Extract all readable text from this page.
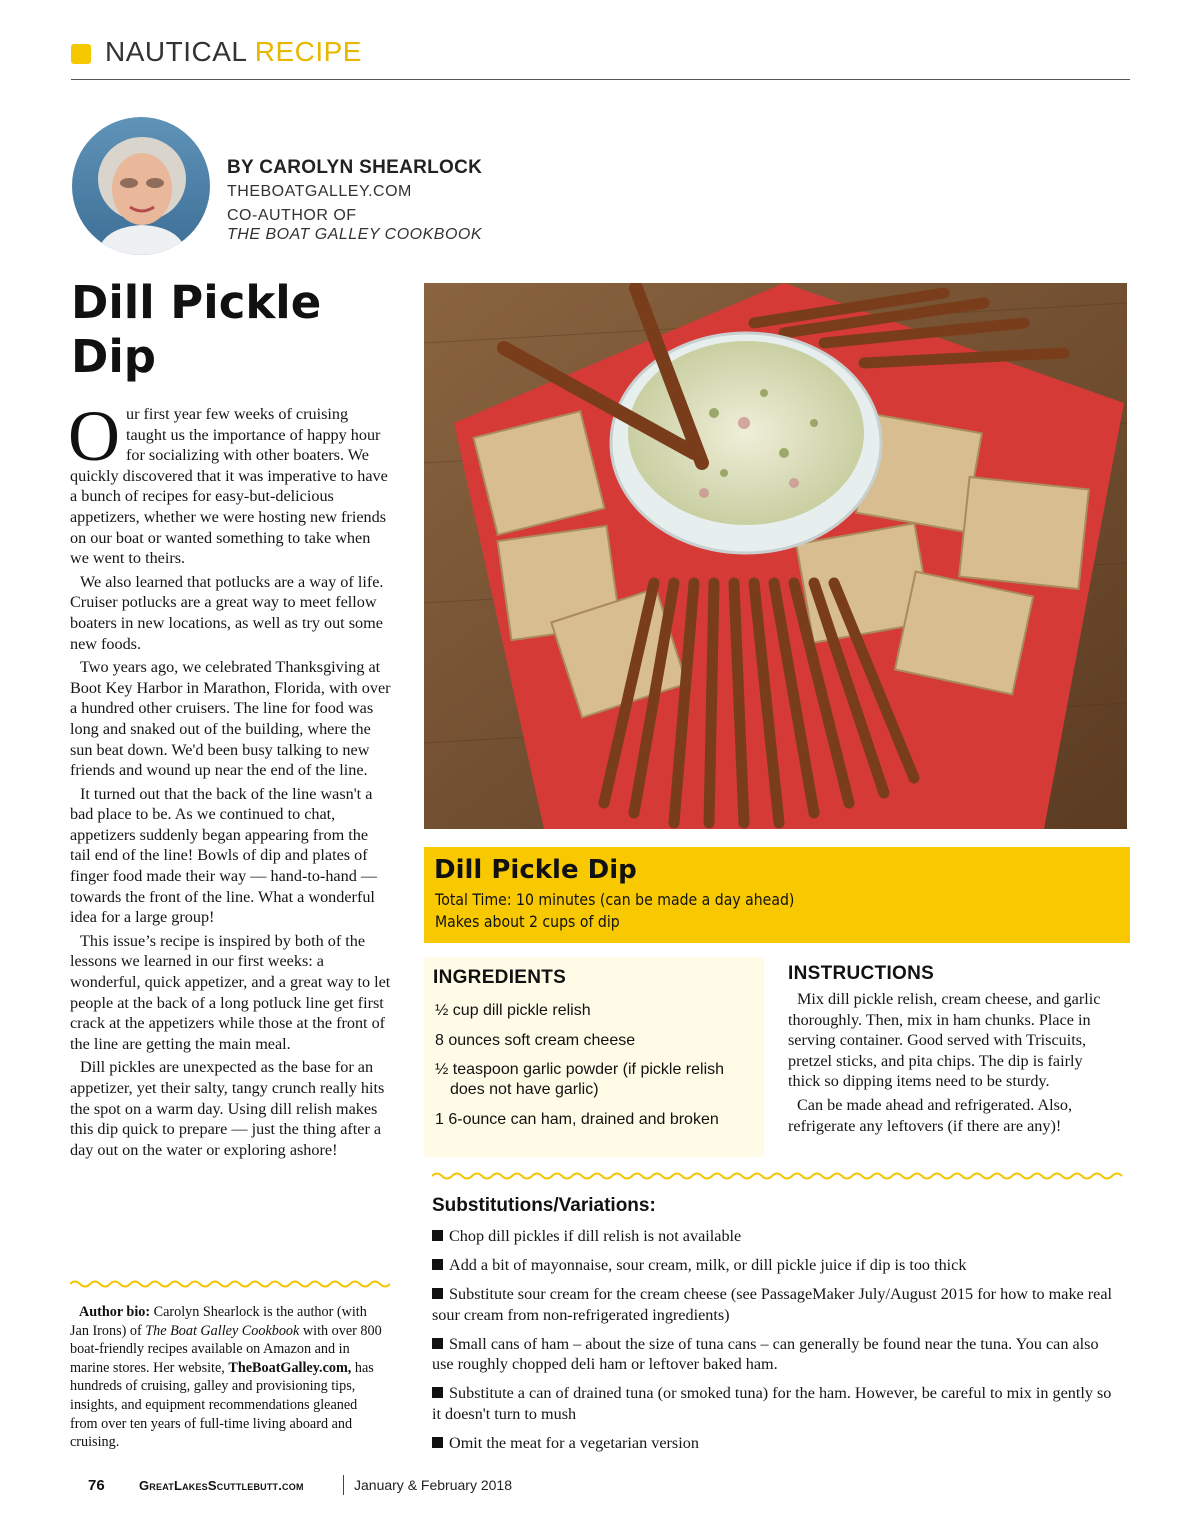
NAUTICAL RECIPE
BY CAROLYN SHEARLOCK
THEBOATGALLEY.COM
CO-AUTHOR OF
THE BOAT GALLEY COOKBOOK
Dill Pickle Dip

Our first year few weeks of cruising taught us the importance of happy hour for socializing with other boaters. We quickly discovered that it was imperative to have a bunch of recipes for easy-but-delicious appetizers, whether we were hosting new friends on our boat or wanted something to take when we went to theirs.

We also learned that potlucks are a way of life. Cruiser potlucks are a great way to meet fellow boaters in new locations, as well as try out some new foods.

Two years ago, we celebrated Thanksgiving at Boot Key Harbor in Marathon, Florida, with over a hundred other cruisers. The line for food was long and snaked out of the building, where the sun beat down. We'd been busy talking to new friends and wound up near the end of the line.

It turned out that the back of the line wasn't a bad place to be. As we continued to chat, appetizers suddenly began appearing from the tail end of the line! Bowls of dip and plates of finger food made their way — hand-to-hand — towards the front of the line. What a wonderful idea for a large group!

This issue’s recipe is inspired by both of the lessons we learned in our first weeks: a wonderful, quick appetizer, and a great way to let people at the back of a long potluck line get first crack at the appetizers while those at the front of the line are getting the main meal.

Dill pickles are unexpected as the base for an appetizer, yet their salty, tangy crunch really hits the spot on a warm day. Using dill relish makes this dip quick to prepare — just the thing after a day out on the water or exploring ashore!

Author bio: Carolyn Shearlock is the author (with Jan Irons) of The Boat Galley Cookbook with over 800 boat-friendly recipes available on Amazon and in marine stores. Her website, TheBoatGalley.com, has hundreds of cruising, galley and provisioning tips, insights, and equipment recommendations gleaned from over ten years of full-time living aboard and cruising.
Dill Pickle Dip
Total Time: 10 minutes (can be made a day ahead)
Makes about 2 cups of dip
INGREDIENTS
½ cup dill pickle relish
8 ounces soft cream cheese
½ teaspoon garlic powder (if pickle relish
does not have garlic)
1 6-ounce can ham, drained and broken
INSTRUCTIONS

Mix dill pickle relish, cream cheese, and garlic thoroughly. Then, mix in ham chunks. Place in serving container. Good served with Triscuits, pretzel sticks, and pita chips. The dip is fairly thick so dipping items need to be sturdy.

Can be made ahead and refrigerated. Also, refrigerate any leftovers (if there are any)!

Substitutions/Variations:
Chop dill pickles if dill relish is not available
Add a bit of mayonnaise, sour cream, milk, or dill pickle juice if dip is too thick
Substitute sour cream for the cream cheese (see PassageMaker July/August 2015 for how to make real sour cream from non-refrigerated ingredients)
Small cans of ham – about the size of tuna cans – can generally be found near the tuna. You can also use roughly chopped deli ham or leftover baked ham.
Substitute a can of drained tuna (or smoked tuna) for the ham. However, be careful to mix in gently so it doesn't turn to mush
Omit the meat for a vegetarian version
76	GreatLakesScuttlebutt.com	January & February 2018
